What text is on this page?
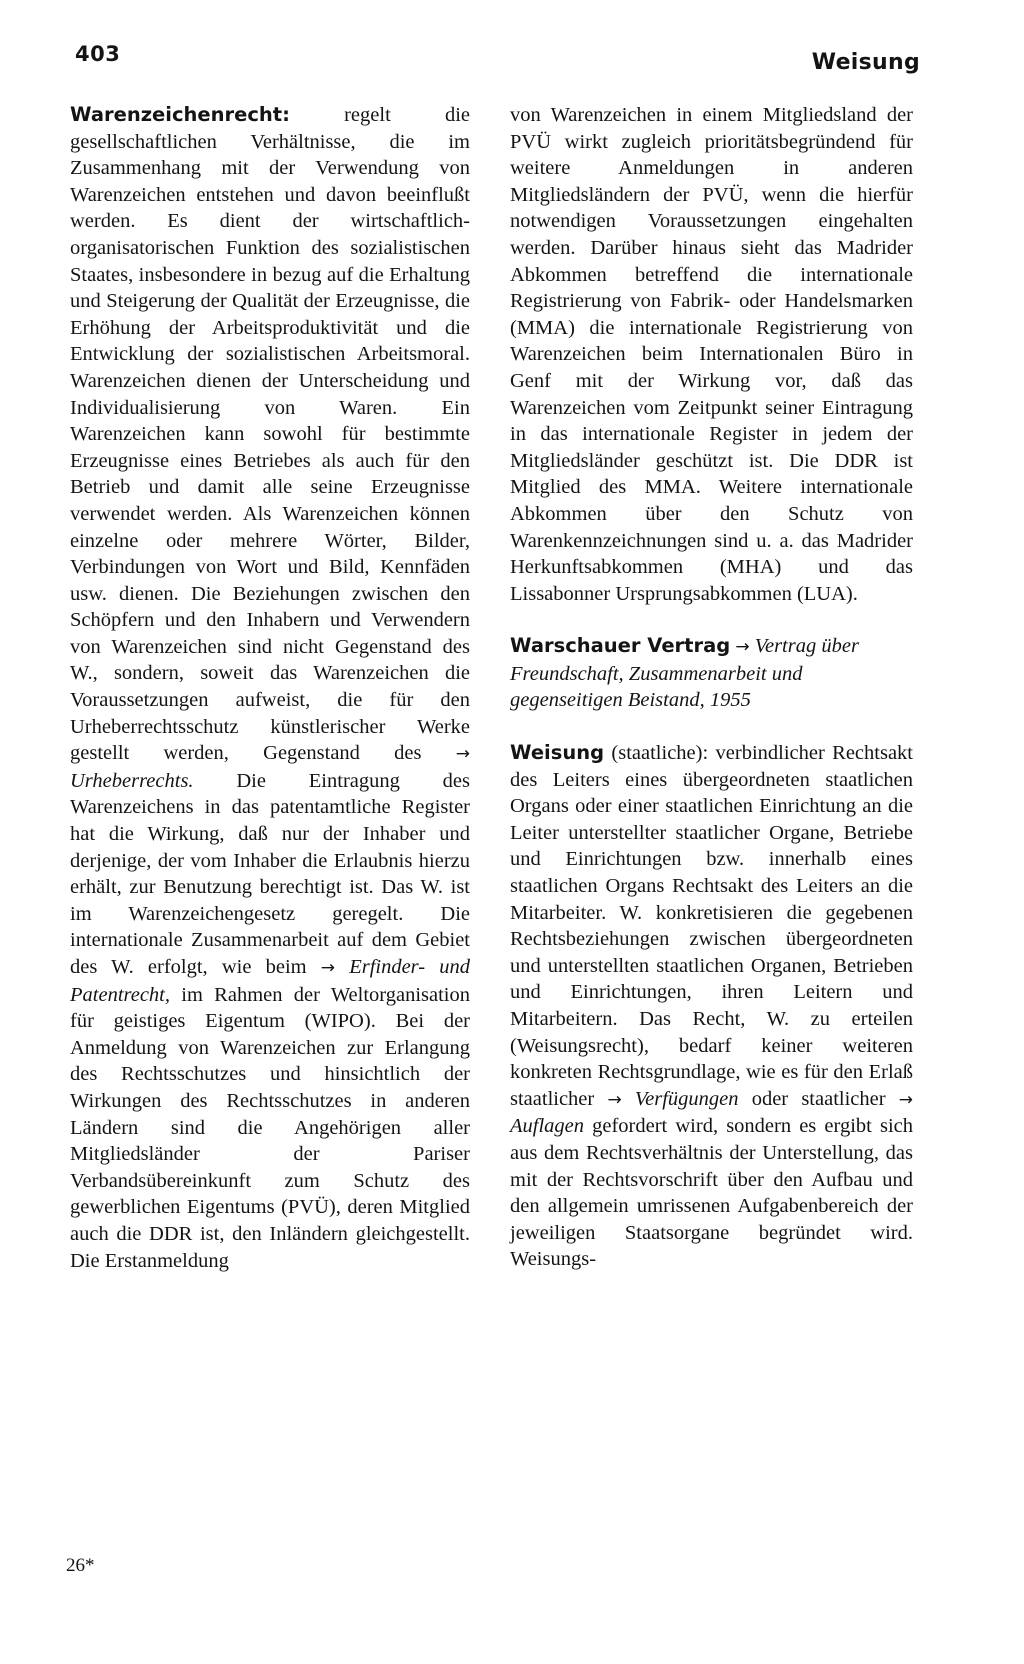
403	Weisung

Warenzeichenrecht: regelt die gesellschaftlichen Verhältnisse, die im Zusammenhang mit der Verwendung von Warenzeichen entstehen und davon beeinflußt werden. Es dient der wirtschaftlich-organisatorischen Funktion des sozialistischen Staates, insbesondere in bezug auf die Erhaltung und Steigerung der Qualität der Erzeugnisse, die Erhöhung der Arbeitsproduktivität und die Entwicklung der sozialistischen Arbeitsmoral. Warenzeichen dienen der Unterscheidung und Individualisierung von Waren. Ein Warenzeichen kann sowohl für bestimmte Erzeugnisse eines Betriebes als auch für den Betrieb und damit alle seine Erzeugnisse verwendet werden. Als Warenzeichen können einzelne oder mehrere Wörter, Bilder, Verbindungen von Wort und Bild, Kennfäden usw. dienen. Die Beziehungen zwischen den Schöpfern und den Inhabern und Verwendern von Warenzeichen sind nicht Gegenstand des W., sondern, soweit das Warenzeichen die Voraussetzungen aufweist, die für den Urheberrechtsschutz künstlerischer Werke gestellt werden, Gegenstand des → Urheberrechts. Die Eintragung des Warenzeichens in das patentamtliche Register hat die Wirkung, daß nur der Inhaber und derjenige, der vom Inhaber die Erlaubnis hierzu erhält, zur Benutzung berechtigt ist. Das W. ist im Warenzeichengesetz geregelt. Die internationale Zusammenarbeit auf dem Gebiet des W. erfolgt, wie beim → Erfinder- und Patentrecht, im Rahmen der Weltorganisation für geistiges Eigentum (WIPO). Bei der Anmeldung von Warenzeichen zur Erlangung des Rechtsschutzes und hinsichtlich der Wirkungen des Rechtsschutzes in anderen Ländern sind die Angehörigen aller Mitgliedsländer der Pariser Verbandsübereinkunft zum Schutz des gewerblichen Eigentums (PVÜ), deren Mitglied auch die DDR ist, den Inländern gleichgestellt. Die Erstanmeldung

von Warenzeichen in einem Mitgliedsland der PVÜ wirkt zugleich prioritätsbegründend für weitere Anmeldungen in anderen Mitgliedsländern der PVÜ, wenn die hierfür notwendigen Voraussetzungen eingehalten werden. Darüber hinaus sieht das Madrider Abkommen betreffend die internationale Registrierung von Fabrik- oder Handelsmarken (MMA) die internationale Registrierung von Warenzeichen beim Internationalen Büro in Genf mit der Wirkung vor, daß das Warenzeichen vom Zeitpunkt seiner Eintragung in das internationale Register in jedem der Mitgliedsländer geschützt ist. Die DDR ist Mitglied des MMA. Weitere internationale Abkommen über den Schutz von Warenkennzeichnungen sind u. a. das Madrider Herkunftsabkommen (MHA) und das Lissabonner Ursprungsabkommen (LUA).

Warschauer Vertrag → Vertrag über Freundschaft, Zusammenarbeit und gegenseitigen Beistand, 1955

Weisung (staatliche): verbindlicher Rechtsakt des Leiters eines übergeordneten staatlichen Organs oder einer staatlichen Einrichtung an die Leiter unterstellter staatlicher Organe, Betriebe und Einrichtungen bzw. innerhalb eines staatlichen Organs Rechtsakt des Leiters an die Mitarbeiter. W. konkretisieren die gegebenen Rechtsbeziehungen zwischen übergeordneten und unterstellten staatlichen Organen, Betrieben und Einrichtungen, ihren Leitern und Mitarbeitern. Das Recht, W. zu erteilen (Weisungsrecht), bedarf keiner weiteren konkreten Rechtsgrundlage, wie es für den Erlaß staatlicher → Verfügungen oder staatlicher → Auflagen gefordert wird, sondern es ergibt sich aus dem Rechtsverhältnis der Unterstellung, das mit der Rechtsvorschrift über den Aufbau und den allgemein umrissenen Aufgabenbereich der jeweiligen Staatsorgane begründet wird. Weisungs-

26*
